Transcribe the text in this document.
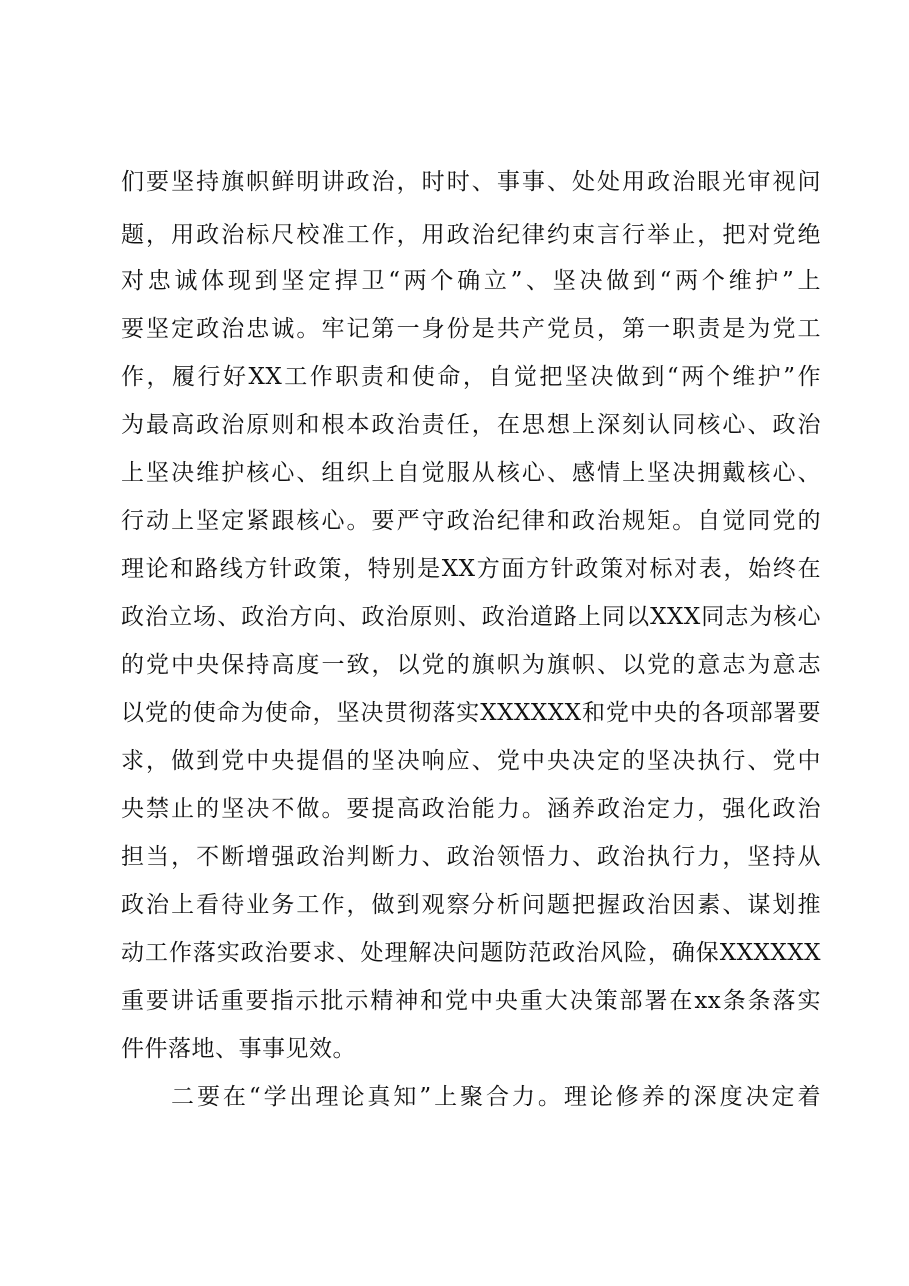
们要坚持旗帜鲜明讲政治，时时、事事、处处用政治眼光审视问

题，用政治标尺校准工作，用政治纪律约束言行举止，把对党绝

对忠诚体现到坚定捍卫“两个确立”、坚决做到“两个维护”上

要坚定政治忠诚。牢记第一身份是共产党员，第一职责是为党工

作，履行好XX工作职责和使命，自觉把坚决做到“两个维护”作

为最高政治原则和根本政治责任，在思想上深刻认同核心、政治

上坚决维护核心、组织上自觉服从核心、感情上坚决拥戴核心、

行动上坚定紧跟核心。要严守政治纪律和政治规矩。自觉同党的

理论和路线方针政策，特别是XX方面方针政策对标对表，始终在

政治立场、政治方向、政治原则、政治道路上同以XXX同志为核心

的党中央保持高度一致，以党的旗帜为旗帜、以党的意志为意志

以党的使命为使命，坚决贯彻落实XXXXXX和党中央的各项部署要

求，做到党中央提倡的坚决响应、党中央决定的坚决执行、党中

央禁止的坚决不做。要提高政治能力。涵养政治定力，强化政治

担当，不断增强政治判断力、政治领悟力、政治执行力，坚持从

政治上看待业务工作，做到观察分析问题把握政治因素、谋划推

动工作落实政治要求、处理解决问题防范政治风险，确保XXXXXX

重要讲话重要指示批示精神和党中央重大决策部署在xx条条落实

件件落地、事事见效。

二要在“学出理论真知”上聚合力。理论修养的深度决定着
